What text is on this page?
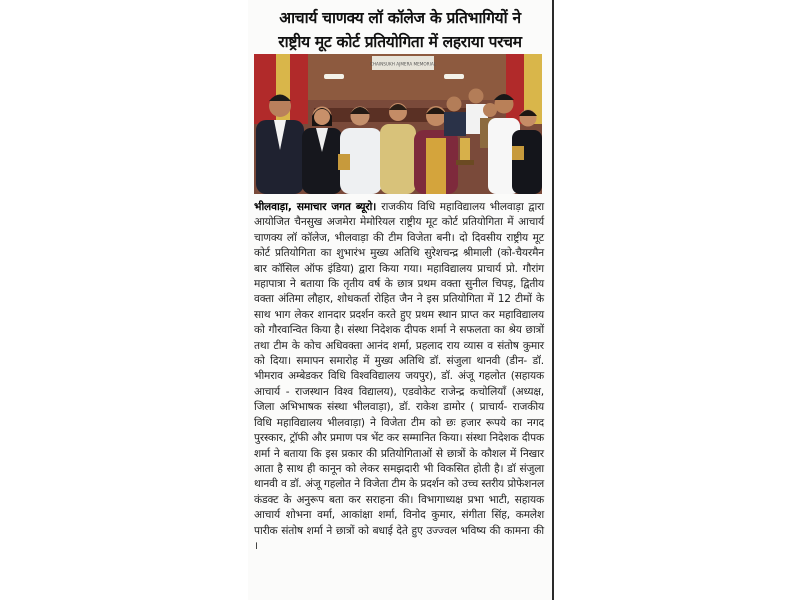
आचार्य चाणक्य लॉ कॉलेज के प्रतिभागियों ने
राष्ट्रीय मूट कोर्ट प्रतियोगिता में लहराया परचम
CHAINSUKH AJMERA MEMORIAL
भीलवाड़ा, समाचार जगत ब्यूरो। राजकीय विधि महाविद्यालय भीलवाड़ा द्वारा आयोजित चैनसुख अजमेरा मेमोरियल राष्ट्रीय मूट कोर्ट प्रतियोगिता में आचार्य चाणक्य लॉ कॉलेज, भीलवाड़ा की टीम विजेता बनी। दो दिवसीय राष्ट्रीय मूट कोर्ट प्रतियोगिता का शुभारंभ मुख्य अतिथि सुरेशचन्द्र श्रीमाली (को-चैयरमैन बार कॉसिल ऑफ इंडिया) द्वारा किया गया। महाविद्यालय प्राचार्य प्रो. गौरांग महापात्रा ने बताया कि तृतीय वर्ष के छात्र प्रथम वक्ता सुनील चिपड़, द्वितीय वक्ता अंतिमा लौहार, शोधकर्ता रोहित जैन ने इस प्रतियोगिता में 12 टीमों के साथ भाग लेकर शानदार प्रदर्शन करते हुए प्रथम स्थान प्राप्त कर महाविद्यालय को गौरवान्वित किया है। संस्था निदेशक दीपक शर्मा ने सफलता का श्रेय छात्रों तथा टीम के कोच अधिवक्ता आनंद शर्मा, प्रहलाद राय व्यास व संतोष कुमार को दिया। समापन समारोह में मुख्य अतिथि डॉ. संजुला थानवी (डीन- डॉ. भीमराव अम्बेडकर विधि विश्वविद्यालय जयपुर), डॉ. अंजू गहलोत (सहायक आचार्य - राजस्थान विश्व विद्यालय), एडवोकेट राजेन्द्र कचोलियाँ (अध्यक्ष, जिला अभिभाषक संस्था भीलवाड़ा), डॉ. राकेश डामोर ( प्राचार्य- राजकीय विधि महाविद्यालय भीलवाड़ा) ने विजेता टीम को छः हजार रूपये का नगद पुरस्कार, ट्रॉफी और प्रमाण पत्र भेंट कर सम्मानित किया। संस्था निदेशक दीपक शर्मा ने बताया कि इस प्रकार की प्रतियोगिताओं से छात्रों के कौशल में निखार आता है साथ ही कानून को लेकर समझदारी भी विकसित होती है। डॉ संजुला थानवी व डॉ. अंजू गहलोत ने विजेता टीम के प्रदर्शन को उच्च स्तरीय प्रोफेशनल कंडक्ट के अनुरूप बता कर सराहना की। विभागाध्यक्ष प्रभा भाटी, सहायक आचार्य शोभना वर्मा, आकांक्षा शर्मा, विनोद कुमार, संगीता सिंह, कमलेश पारीक संतोष शर्मा ने छात्रों को बधाई देते हुए उज्ज्वल भविष्य की कामना की ।
